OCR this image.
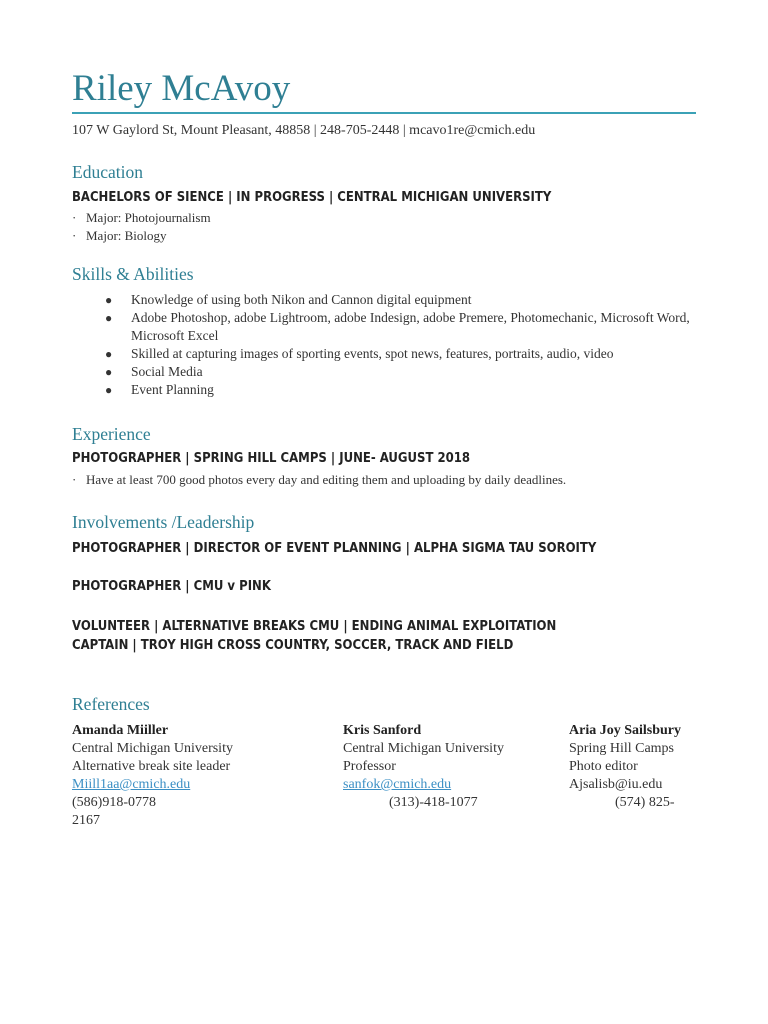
Riley McAvoy
107 W Gaylord St, Mount Pleasant, 48858 | 248-705-2448 | mcavo1re@cmich.edu
Education
BACHELORS OF SIENCE | IN PROGRESS | CENTRAL MICHIGAN UNIVERSITY
· Major: Photojournalism
· Major: Biology
Skills & Abilities
● Knowledge of using both Nikon and Cannon digital equipment
● Adobe Photoshop, adobe Lightroom, adobe Indesign, adobe Premere, Photomechanic, Microsoft Word, Microsoft Excel
● Skilled at capturing images of sporting events, spot news, features, portraits, audio, video
● Social Media
● Event Planning
Experience
PHOTOGRAPHER | SPRING HILL CAMPS | JUNE- AUGUST 2018
· Have at least 700 good photos every day and editing them and uploading by daily deadlines.
Involvements /Leadership
PHOTOGRAPHER | DIRECTOR OF EVENT PLANNING | ALPHA SIGMA TAU SOROITY
PHOTOGRAPHER | CMU v PINK
VOLUNTEER | ALTERNATIVE BREAKS CMU | ENDING ANIMAL EXPLOITATION
CAPTAIN | TROY HIGH CROSS COUNTRY, SOCCER, TRACK AND FIELD
References
Amanda Miiller
Central Michigan University
Alternative break site leader
Miill1aa@cmich.edu
(586)918-0778
2167
Kris Sanford
Central Michigan University
Professor
sanfok@cmich.edu
(313)-418-1077
Aria Joy Sailsbury
Spring Hill Camps
Photo editor
Ajsalisb@iu.edu
(574) 825-
